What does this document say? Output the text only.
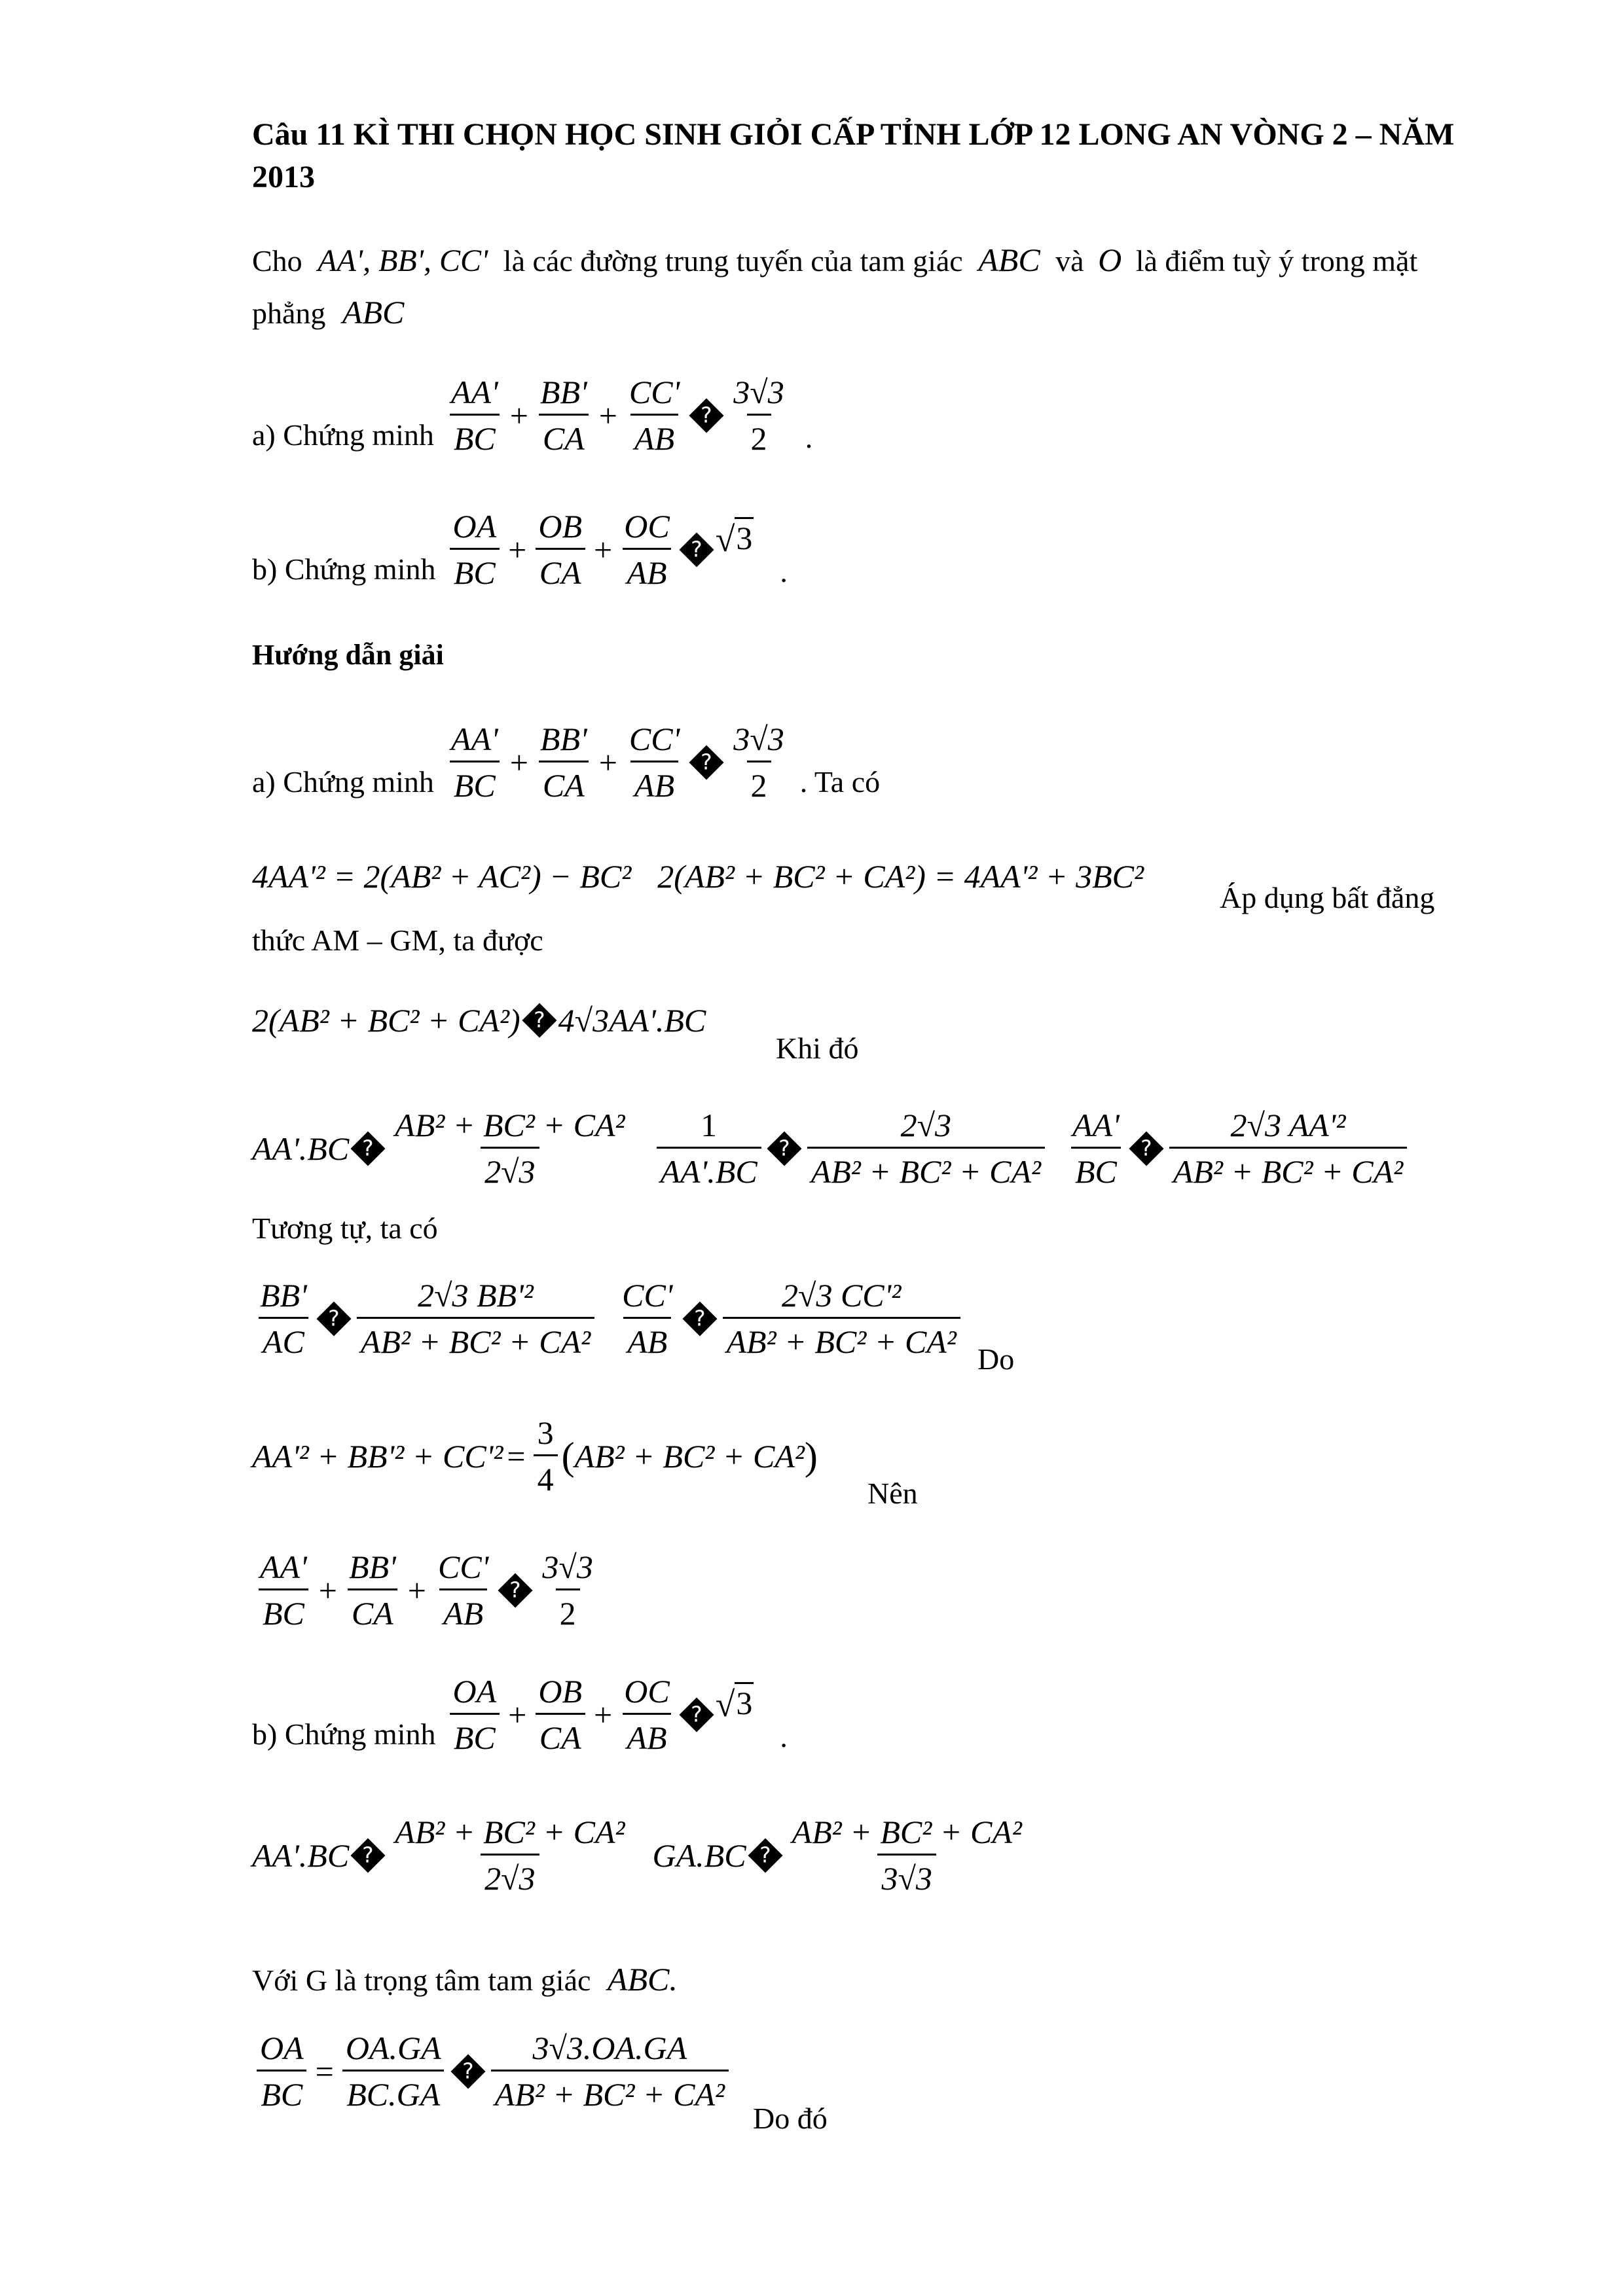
Câu 11 KÌ THI CHỌN HỌC SINH GIỎI CẤP TỈNH LỚP 12 LONG AN VÒNG 2 – NĂM
2013
Cho AA', BB', CC' là các đường trung tuyến của tam giác ABC và O là điểm tuỳ ý trong mặt
phẳng ABC
a) Chứng minh $\frac{AA'}{BC} + \frac{BB'}{CA} + \frac{CC'}{AB}$ ? $\frac{3√3}{2}$ .
b) Chứng minh $\frac{OA}{BC} + \frac{OB}{CA} + \frac{OC}{AB}$ ? √ 3
.
Hướng dẫn giải
a) Chứng minh $\frac{AA'}{BC} + \frac{BB'}{CA} + \frac{CC'}{AB}$ ? $\frac{3√3}{2}$ . Ta có
4AA'² = 2(AB² + AC²) − BC² 2(AB² + BC² + CA²) = 4AA'² + 3BC²
Áp dụng bất đẳng
thức AM – GM, ta được
2(AB² + BC² + CA²) ? 4√3AA'.BC
Khi đó
AA'.BC ? $\frac{\text{AB² + BC² + CA²}}{2√3} \frac{1}{AA'.BC}$ ? $\frac{2√3}{\text{AB² + BC² + CA²}} \frac{AA'}{BC}$ ? $\frac{\text{2√3 AA'²}}{\text{AB² + BC² + CA²}}$
Tương tự, ta có
$\frac{BB'}{AC}$ ? $\frac{\text{2√3 BB'²}}{\text{AB² + BC² + CA²}} \frac{CC'}{AB}$ ? $\frac{\text{2√3 CC'²}}{\text{AB² + BC² + CA²}}$ Do
$AA'^2 + BB'^2 + CC'^2 = \frac{3}{4}$ ( AB² + BC² + CA² )
Nên
$\frac{AA'}{BC} + \frac{BB'}{CA} + \frac{CC'}{AB}$ ? $\frac{3√3}{2}$
b) Chứng minh $\frac{OA}{BC} + \frac{OB}{CA} + \frac{OC}{AB}$ ? √ 3
.
AA'.BC ? $\frac{\text{AB² + BC² + CA²}}{2√3} GA.BC$ ? $\frac{\text{AB² + BC² + CA²}}{3√3}$
Với G là trọng tâm tam giác ABC.
$\frac{OA}{BC} = \frac{OA.GA}{BC.GA}$ ? $\frac{3√3.OA.GA}{\text{AB² + BC² + CA²}}$
Do đó
